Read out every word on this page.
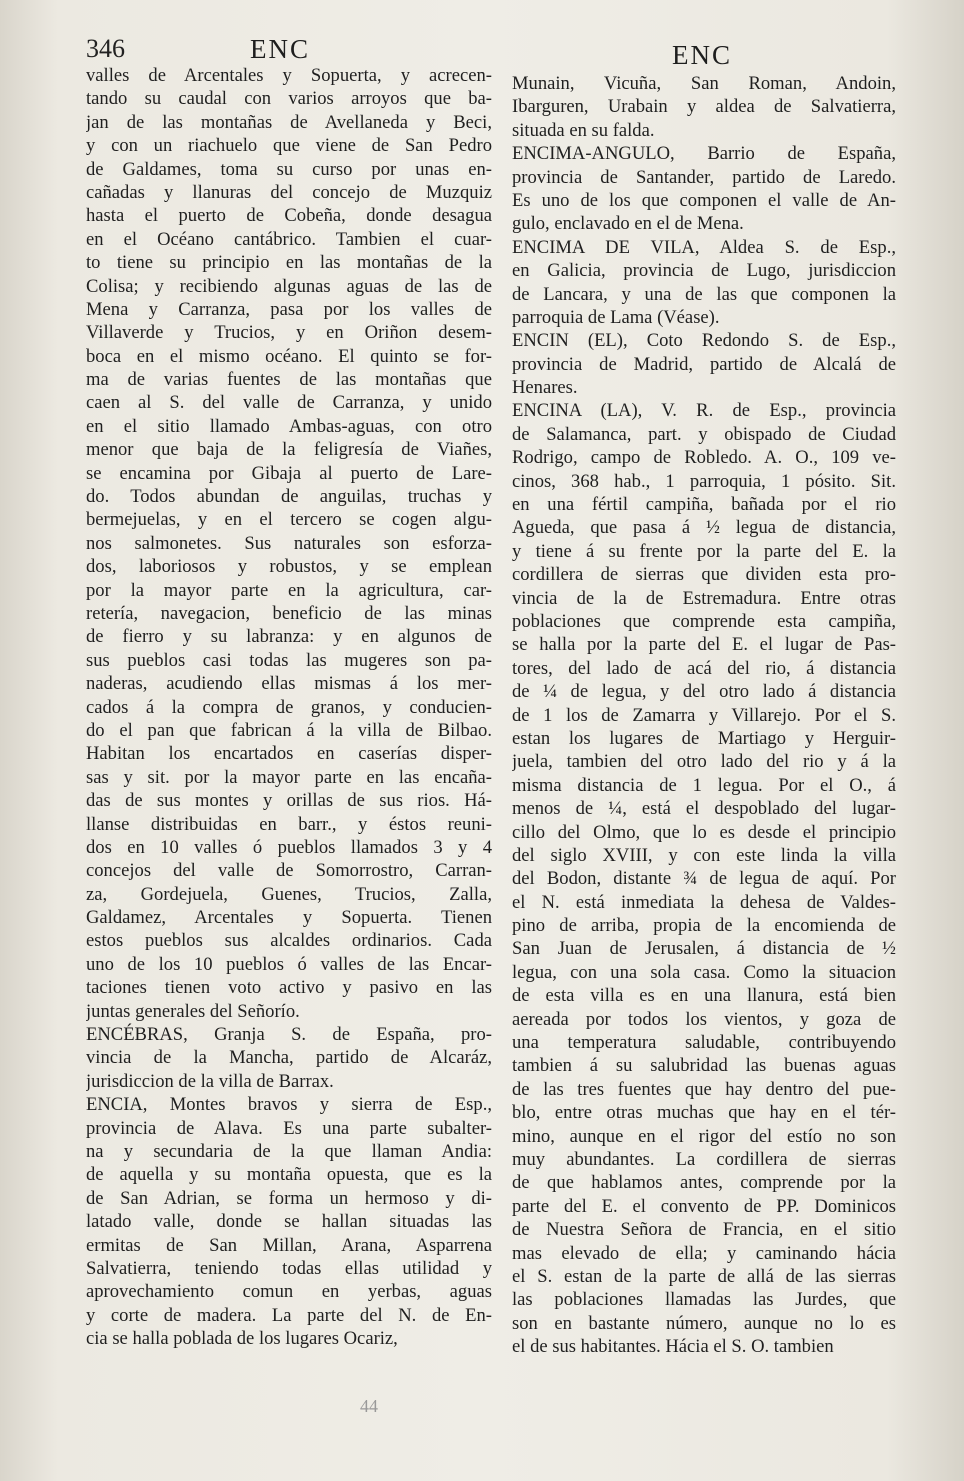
346	ENC	ENC
valles de Arcentales y Sopuerta, y acrecen-
tando su caudal con varios arroyos que ba-
jan de las montañas de Avellaneda y Beci,
y con un riachuelo que viene de San Pedro
de Galdames, toma su curso por unas en-
cañadas y llanuras del concejo de Muzquiz
hasta el puerto de Cobeña, donde desagua
en el Océano cantábrico. Tambien el cuar-
to tiene su principio en las montañas de la
Colisa; y recibiendo algunas aguas de las de
Mena y Carranza, pasa por los valles de
Villaverde y Trucios, y en Oriñon desem-
boca en el mismo océano. El quinto se for-
ma de varias fuentes de las montañas que
caen al S. del valle de Carranza, y unido
en el sitio llamado Ambas-aguas, con otro
menor que baja de la feligresía de Viañes,
se encamina por Gibaja al puerto de Lare-
do. Todos abundan de anguilas, truchas y
bermejuelas, y en el tercero se cogen algu-
nos salmonetes. Sus naturales son esforza-
dos, laboriosos y robustos, y se emplean
por la mayor parte en la agricultura, car-
retería, navegacion, beneficio de las minas
de fierro y su labranza: y en algunos de
sus pueblos casi todas las mugeres son pa-
naderas, acudiendo ellas mismas á los mer-
cados á la compra de granos, y conducien-
do el pan que fabrican á la villa de Bilbao.
Habitan los encartados en caserías disper-
sas y sit. por la mayor parte en las encaña-
das de sus montes y orillas de sus rios. Há-
llanse distribuidas en barr., y éstos reuni-
dos en 10 valles ó pueblos llamados 3 y 4
concejos del valle de Somorrostro, Carran-
za, Gordejuela, Guenes, Trucios, Zalla,
Galdamez, Arcentales y Sopuerta. Tienen
estos pueblos sus alcaldes ordinarios. Cada
uno de los 10 pueblos ó valles de las Encar-
taciones tienen voto activo y pasivo en las
juntas generales del Señorío.
ENCÉBRAS, Granja S. de España, pro-
vincia de la Mancha, partido de Alcaráz,
jurisdiccion de la villa de Barrax.
ENCIA, Montes bravos y sierra de Esp.,
provincia de Alava. Es una parte subalter-
na y secundaria de la que llaman Andia:
de aquella y su montaña opuesta, que es la
de San Adrian, se forma un hermoso y di-
latado valle, donde se hallan situadas las
ermitas de San Millan, Arana, Asparrena
Salvatierra, teniendo todas ellas utilidad y
aprovechamiento comun en yerbas, aguas
y corte de madera. La parte del N. de En-
cia se halla poblada de los lugares Ocariz,
Munain, Vicuña, San Roman, Andoin,
Ibarguren, Urabain y aldea de Salvatierra,
situada en su falda.
ENCIMA-ANGULO, Barrio de España,
provincia de Santander, partido de Laredo.
Es uno de los que componen el valle de An-
gulo, enclavado en el de Mena.
ENCIMA DE VILA, Aldea S. de Esp.,
en Galicia, provincia de Lugo, jurisdiccion
de Lancara, y una de las que componen la
parroquia de Lama (Véase).
ENCIN (EL), Coto Redondo S. de Esp.,
provincia de Madrid, partido de Alcalá de
Henares.
ENCINA (LA), V. R. de Esp., provincia
de Salamanca, part. y obispado de Ciudad
Rodrigo, campo de Robledo. A. O., 109 ve-
cinos, 368 hab., 1 parroquia, 1 pósito. Sit.
en una fértil campiña, bañada por el rio
Agueda, que pasa á ½ legua de distancia,
y tiene á su frente por la parte del E. la
cordillera de sierras que dividen esta pro-
vincia de la de Estremadura. Entre otras
poblaciones que comprende esta campiña,
se halla por la parte del E. el lugar de Pas-
tores, del lado de acá del rio, á distancia
de ¼ de legua, y del otro lado á distancia
de 1 los de Zamarra y Villarejo. Por el S.
estan los lugares de Martiago y Herguir-
juela, tambien del otro lado del rio y á la
misma distancia de 1 legua. Por el O., á
menos de ¼, está el despoblado del lugar-
cillo del Olmo, que lo es desde el principio
del siglo XVIII, y con este linda la villa
del Bodon, distante ¾ de legua de aquí. Por
el N. está inmediata la dehesa de Valdes-
pino de arriba, propia de la encomienda de
San Juan de Jerusalen, á distancia de ½
legua, con una sola casa. Como la situacion
de esta villa es en una llanura, está bien
aereada por todos los vientos, y goza de
una temperatura saludable, contribuyendo
tambien á su salubridad las buenas aguas
de las tres fuentes que hay dentro del pue-
blo, entre otras muchas que hay en el tér-
mino, aunque en el rigor del estío no son
muy abundantes. La cordillera de sierras
de que hablamos antes, comprende por la
parte del E. el convento de PP. Dominicos
de Nuestra Señora de Francia, en el sitio
mas elevado de ella; y caminando hácia
el S. estan de la parte de allá de las sierras
las poblaciones llamadas las Jurdes, que
son en bastante número, aunque no lo es
el de sus habitantes. Hácia el S. O. tambien
44
